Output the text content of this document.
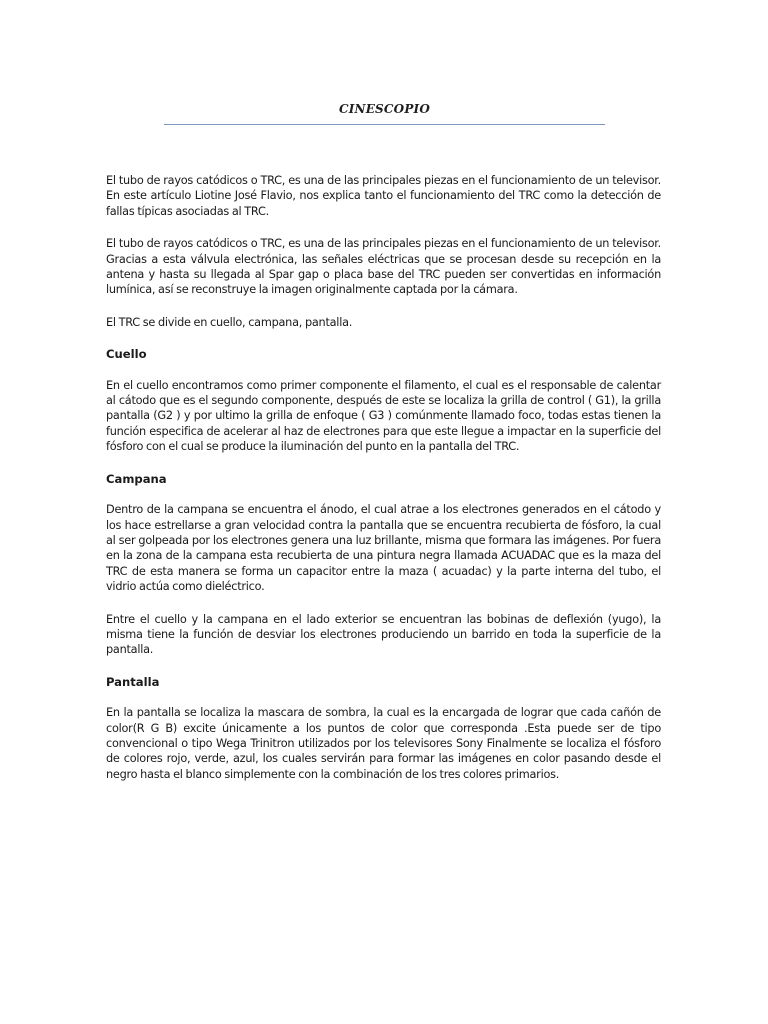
CINESCOPIO

El tubo de rayos catódicos o TRC, es una de las principales piezas en el funcionamiento de un televisor. En este artículo Liotine José Flavio, nos explica tanto el funcionamiento del TRC como la detección de fallas típicas asociadas al TRC.

El tubo de rayos catódicos o TRC, es una de las principales piezas en el funcionamiento de un televisor. Gracias a esta válvula electrónica, las señales eléctricas que se procesan desde su recepción en la antena y hasta su llegada al Spar gap o placa base del TRC pueden ser convertidas en información lumínica, así se reconstruye la imagen originalmente captada por la cámara.

El TRC se divide en cuello, campana, pantalla.

Cuello

En el cuello encontramos como primer componente el filamento, el cual es el responsable de calentar al cátodo que es el segundo componente, después de este se localiza la grilla de control ( G1), la grilla pantalla (G2 ) y por ultimo la grilla de enfoque ( G3 ) comúnmente llamado foco, todas estas tienen la función especifica de acelerar al haz de electrones para que este llegue a impactar en la superficie del fósforo con el cual se produce la iluminación del punto en la pantalla del TRC.

Campana

Dentro de la campana se encuentra el ánodo, el cual atrae a los electrones generados en el cátodo y los hace estrellarse a gran velocidad contra la pantalla que se encuentra recubierta de fósforo, la cual al ser golpeada por los electrones genera una luz brillante, misma que formara las imágenes. Por fuera en la zona de la campana esta recubierta de una pintura negra llamada ACUADAC que es la maza del TRC de esta manera se forma un capacitor entre la maza ( acuadac) y la parte interna del tubo, el vidrio actúa como dieléctrico.

Entre el cuello y la campana en el lado exterior se encuentran las bobinas de deflexión (yugo), la misma tiene la función de desviar los electrones produciendo un barrido en toda la superficie de la pantalla.

Pantalla

En la pantalla se localiza la mascara de sombra, la cual es la encargada de lograr que cada cañón de color(R G B) excite únicamente a los puntos de color que corresponda .Esta puede ser de tipo convencional o tipo Wega Trinitron utilizados por los televisores Sony Finalmente se localiza el fósforo de colores rojo, verde, azul, los cuales servirán para formar las imágenes en color pasando desde el negro hasta el blanco simplemente con la combinación de los tres colores primarios.
